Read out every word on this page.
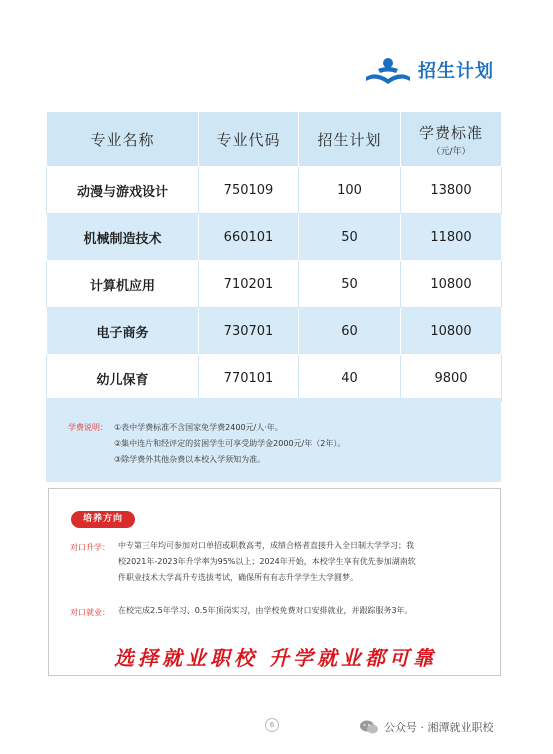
招生计划
专业名称	专业代码	招生计划	学费标准
（元/年）

动漫与游戏设计	750109	100	13800
机械制造技术	660101	50	11800
计算机应用	710201	50	10800
电子商务	730701	60	10800
幼儿保育	770101	40	9800
学费说明： ①表中学费标准不含国家免学费2400元/人·年。
②集中连片和经评定的贫困学生可享受助学金2000元/年（2年）。
③除学费外其他杂费以本校入学须知为准。
培养方向
对口升学： 中专第三年均可参加对口单招或职教高考，成绩合格者直接升入全日制大学学习；我
校2021年-2023年升学率为95%以上；2024年开始，本校学生享有优先参加湖南软
件职业技术大学高升专选拔考试，确保所有有志升学学生大学圆梦。
对口就业： 在校完成2.5年学习、0.5年顶岗实习，由学校免费对口安排就业，并跟踪服务3年。
选择就业职校 升学就业都可靠
6	公众号 · 湘潭就业职校
